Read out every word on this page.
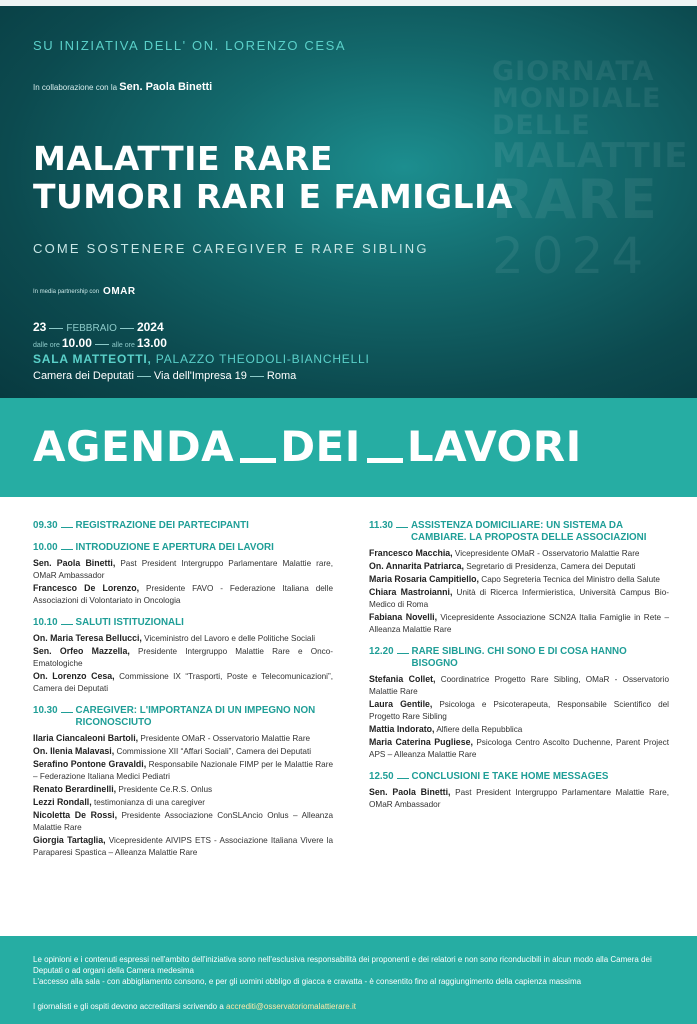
GIORNATA
MONDIALE
DELLE
MALATTIE
RARE
2024
SU INIZIATIVA DELL' ON. LORENZO CESA
In collaborazione con la Sen. Paola Binetti
MALATTIE RARE
TUMORI RARI E FAMIGLIA
COME SOSTENERE CAREGIVER E RARE SIBLING
In media partnership con OMAR
23 FEBBRAIO 2024
dalle ore 10.00	alle ore 13.00
SALA MATTEOTTI, PALAZZO THEODOLI-BIANCHELLI
Camera dei Deputati Via dell'Impresa 19 Roma
AGENDA DEI LAVORI
09.30 REGISTRAZIONE DEI PARTECIPANTI
10.00 INTRODUZIONE E APERTURA DEI LAVORI
Sen. Paola Binetti, Past President Intergruppo Parlamentare Malattie rare, OMaR Ambassador
Francesco De Lorenzo, Presidente FAVO - Federazione Italiana delle Associazioni di Volontariato in Oncologia
10.10 SALUTI ISTITUZIONALI
On. Maria Teresa Bellucci, Viceministro del Lavoro e delle Politiche Sociali
Sen. Orfeo Mazzella, Presidente Intergruppo Malattie Rare e Onco-Ematologiche
On. Lorenzo Cesa, Commissione IX “Trasporti, Poste e Telecomunicazioni”, Camera dei Deputati
10.30 CAREGIVER: L'IMPORTANZA DI UN IMPEGNO NON RICONOSCIUTO
Ilaria Ciancaleoni Bartoli, Presidente OMaR - Osservatorio Malattie Rare
On. Ilenia Malavasi, Commissione XII “Affari Sociali”, Camera dei Deputati
Serafino Pontone Gravaldi, Responsabile Nazionale FIMP per le Malattie Rare – Federazione Italiana Medici Pediatri
Renato Berardinelli, Presidente Ce.R.S. Onlus
Lezzi Rondall, testimonianza di una caregiver
Nicoletta De Rossi, Presidente Associazione ConSLAncio Onlus – Alleanza Malattie Rare
Giorgia Tartaglia, Vicepresidente AIVIPS ETS - Associazione Italiana Vivere la Paraparesi Spastica – Alleanza Malattie Rare
11.30 ASSISTENZA DOMICILIARE: UN SISTEMA DA CAMBIARE. LA PROPOSTA DELLE ASSOCIAZIONI
Francesco Macchia, Vicepresidente OMaR - Osservatorio Malattie Rare
On. Annarita Patriarca, Segretario di Presidenza, Camera dei Deputati
Maria Rosaria Campitiello, Capo Segreteria Tecnica del Ministro della Salute
Chiara Mastroianni, Unità di Ricerca Infermieristica, Università Campus Bio-Medico di Roma
Fabiana Novelli, Vicepresidente Associazione SCN2A Italia Famiglie in Rete – Alleanza Malattie Rare
12.20 RARE SIBLING. CHI SONO E DI COSA HANNO BISOGNO
Stefania Collet, Coordinatrice Progetto Rare Sibling, OMaR - Osservatorio Malattie Rare
Laura Gentile, Psicologa e Psicoterapeuta, Responsabile Scientifico del Progetto Rare Sibling
Mattia Indorato, Alfiere della Repubblica
Maria Caterina Pugliese, Psicologa Centro Ascolto Duchenne, Parent Project APS – Alleanza Malattie Rare
12.50 CONCLUSIONI E TAKE HOME MESSAGES
Sen. Paola Binetti, Past President Intergruppo Parlamentare Malattie Rare, OMaR Ambassador

Le opinioni e i contenuti espressi nell'ambito dell'iniziativa sono nell'esclusiva responsabilità dei proponenti e dei relatori e non sono riconducibili in alcun modo alla Camera dei Deputati o ad organi della Camera medesima

L'accesso alla sala - con abbigliamento consono, e per gli uomini obbligo di giacca e cravatta - è consentito fino al raggiungimento della capienza massima

I giornalisti e gli ospiti devono accreditarsi scrivendo a accrediti@osservatoriomalattierare.it
